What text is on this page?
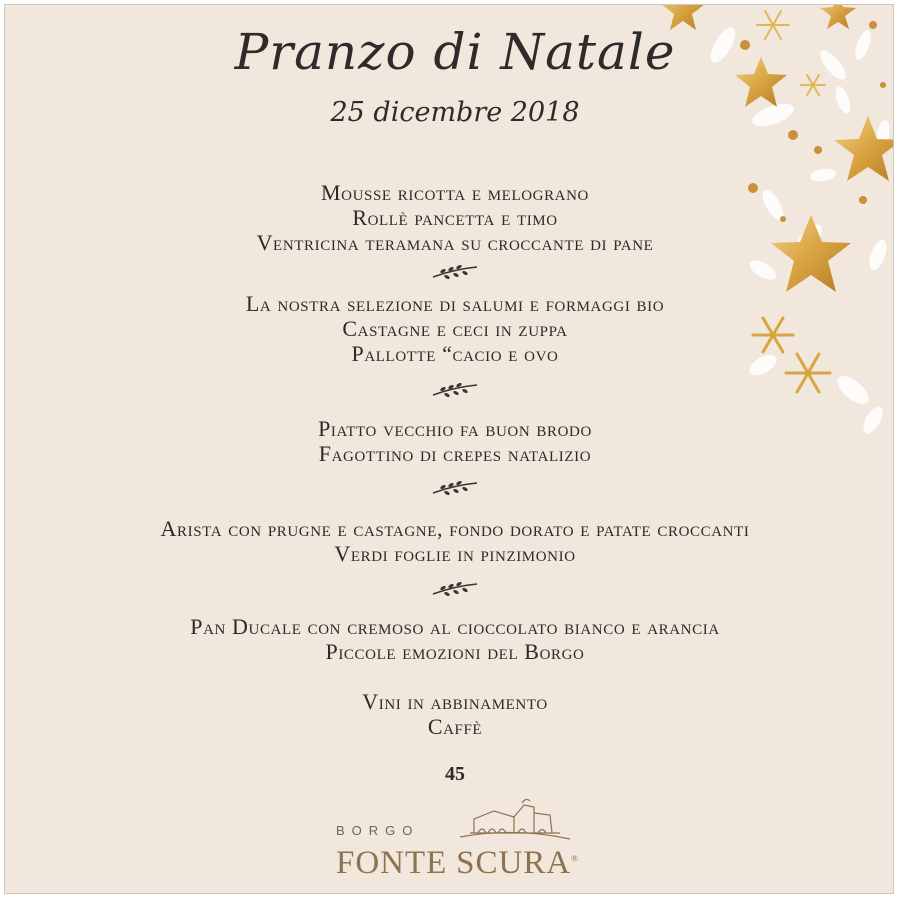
Pranzo di Natale
25 dicembre 2018
Mousse ricotta e melograno
Rollè pancetta e timo
Ventricina teramana su croccante di pane
La nostra selezione di salumi e formaggi bio
Castagne e ceci in zuppa
Pallotte “cacio e ovo
Piatto vecchio fa buon brodo
Fagottino di crepes natalizio
Arista con prugne e castagne, fondo dorato e patate croccanti
Verdi foglie in pinzimonio
Pan Ducale con cremoso al cioccolato bianco e arancia
Piccole emozioni del Borgo
Vini in abbinamento
Caffè
45
BORGO
FONTE SCURA®
